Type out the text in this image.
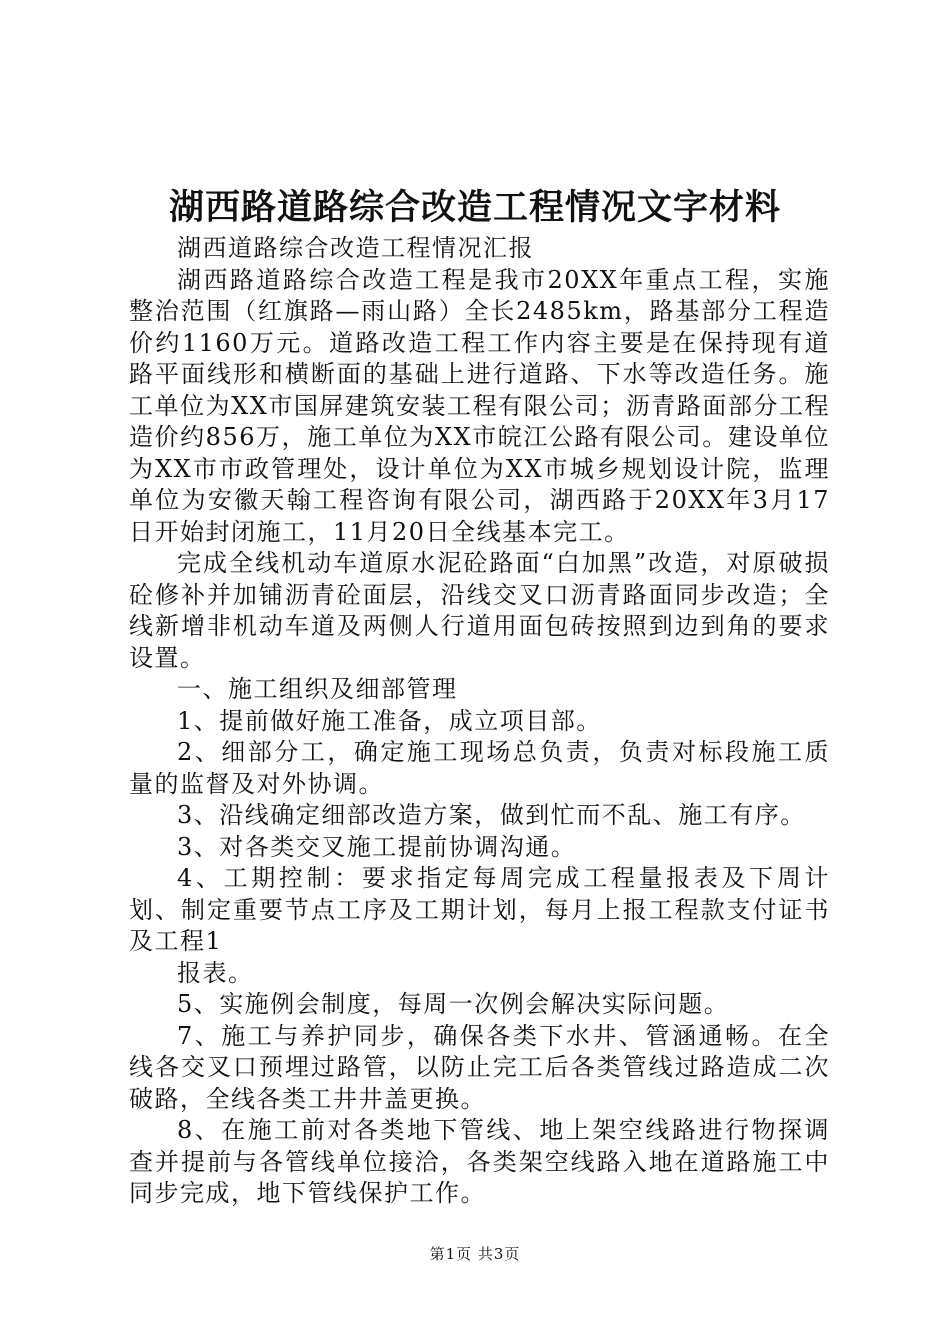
湖西路道路综合改造工程情况文字材料

湖西道路综合改造工程情况汇报

湖西路道路综合改造工程是我市20XX年重点工程，实施整治范围（红旗路—雨山路）全长2485km，路基部分工程造价约1160万元。道路改造工程工作内容主要是在保持现有道路平面线形和横断面的基础上进行道路、下水等改造任务。施工单位为XX市国屏建筑安装工程有限公司；沥青路面部分工程造价约856万，施工单位为XX市皖江公路有限公司。建设单位为XX市市政管理处，设计单位为XX市城乡规划设计院，监理单位为安徽天翰工程咨询有限公司，湖西路于20XX年3月17日开始封闭施工，11月20日全线基本完工。

完成全线机动车道原水泥砼路面“白加黑”改造，对原破损砼修补并加铺沥青砼面层，沿线交叉口沥青路面同步改造；全线新增非机动车道及两侧人行道用面包砖按照到边到角的要求设置。

一、施工组织及细部管理

1、提前做好施工准备，成立项目部。

2、细部分工，确定施工现场总负责，负责对标段施工质量的监督及对外协调。

3、沿线确定细部改造方案，做到忙而不乱、施工有序。

3、对各类交叉施工提前协调沟通。

4、工期控制：要求指定每周完成工程量报表及下周计划、制定重要节点工序及工期计划，每月上报工程款支付证书及工程1

报表。

5、实施例会制度，每周一次例会解决实际问题。

7、施工与养护同步，确保各类下水井、管涵通畅。在全线各交叉口预埋过路管，以防止完工后各类管线过路造成二次破路，全线各类工井井盖更换。

8、在施工前对各类地下管线、地上架空线路进行物探调查并提前与各管线单位接洽，各类架空线路入地在道路施工中同步完成，地下管线保护工作。

第1页 共3页
